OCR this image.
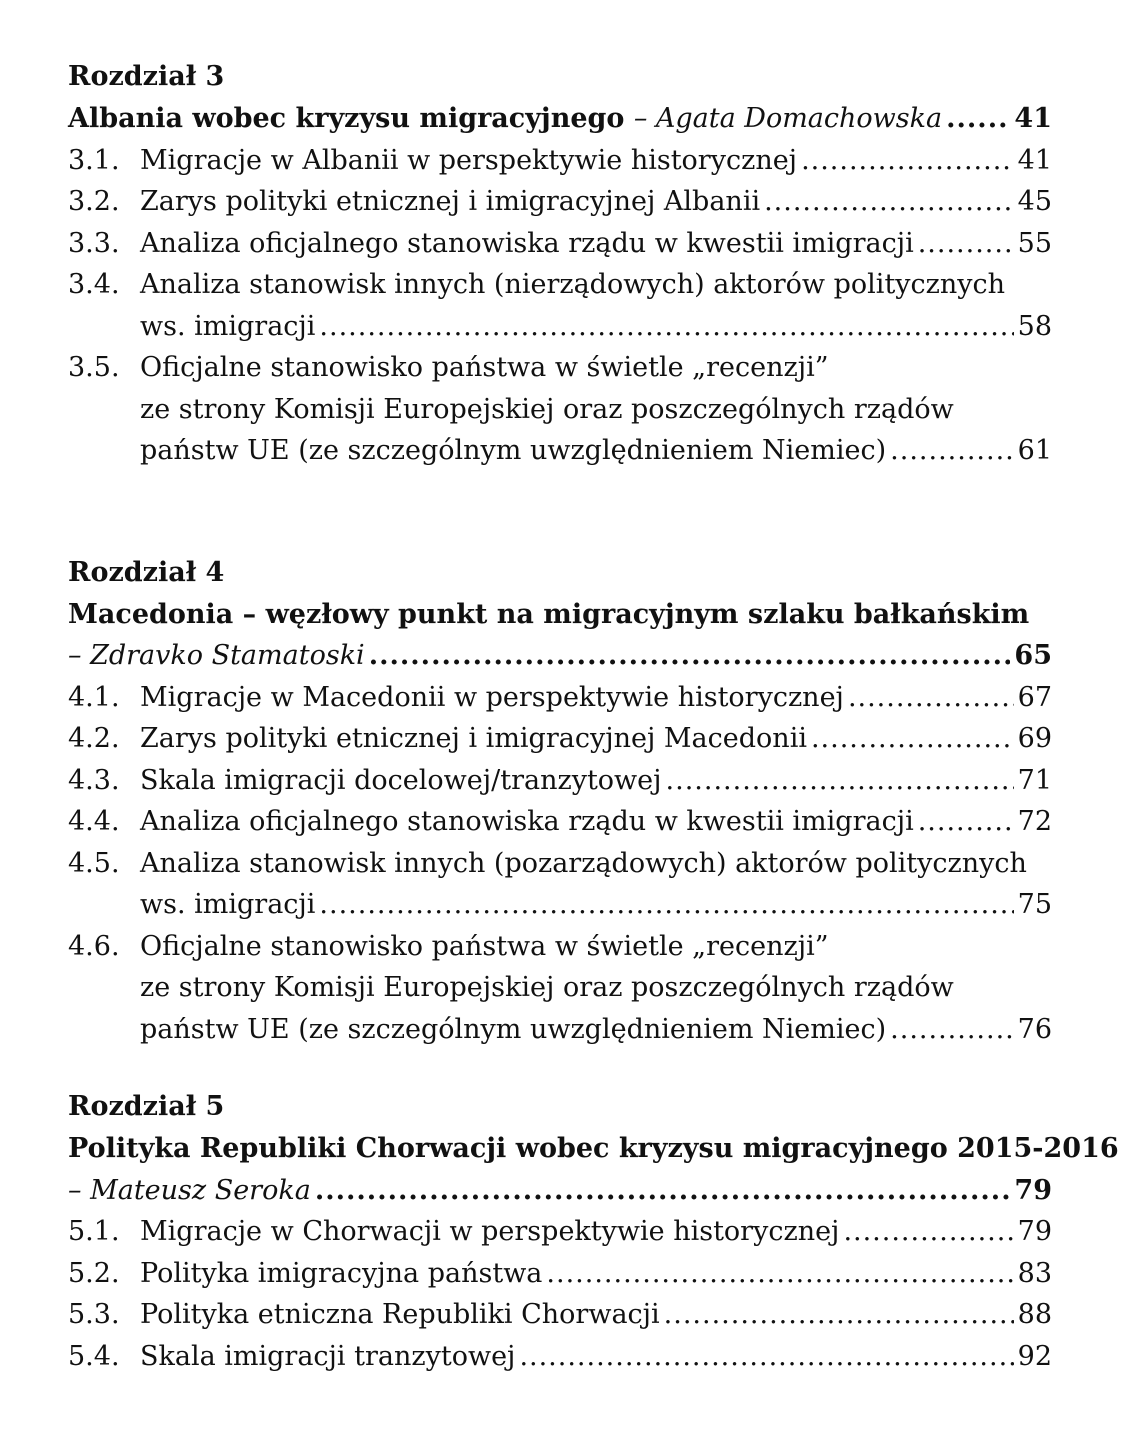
Rozdział 3
Albania wobec kryzysu migracyjnego – Agata Domachowska .....	41
3.1. Migracje w Albanii w perspektywie historycznej .....	41
3.2. Zarys polityki etnicznej i imigracyjnej Albanii .....	45
3.3. Analiza oficjalnego stanowiska rządu w kwestii imigracji .....	55
3.4. Analiza stanowisk innych (nierządowych) aktorów politycznych
ws. imigracji .....	58
3.5. Oficjalne stanowisko państwa w świetle „recenzji”
ze strony Komisji Europejskiej oraz poszczególnych rządów
państw UE (ze szczególnym uwzględnieniem Niemiec) .....	61
Rozdział 4
Macedonia – węzłowy punkt na migracyjnym szlaku bałkańskim
– Zdravko Stamatoski .....	65
4.1. Migracje w Macedonii w perspektywie historycznej .....	67
4.2. Zarys polityki etnicznej i imigracyjnej Macedonii .....	69
4.3. Skala imigracji docelowej/tranzytowej .....	71
4.4. Analiza oficjalnego stanowiska rządu w kwestii imigracji .....	72
4.5. Analiza stanowisk innych (pozarządowych) aktorów politycznych
ws. imigracji .....	75
4.6. Oficjalne stanowisko państwa w świetle „recenzji”
ze strony Komisji Europejskiej oraz poszczególnych rządów
państw UE (ze szczególnym uwzględnieniem Niemiec) .....	76
Rozdział 5
Polityka Republiki Chorwacji wobec kryzysu migracyjnego 2015-2016
– Mateusz Seroka .....	79
5.1. Migracje w Chorwacji w perspektywie historycznej .....	79
5.2. Polityka imigracyjna państwa .....	83
5.3. Polityka etniczna Republiki Chorwacji .....	88
5.4. Skala imigracji tranzytowej .....	92
